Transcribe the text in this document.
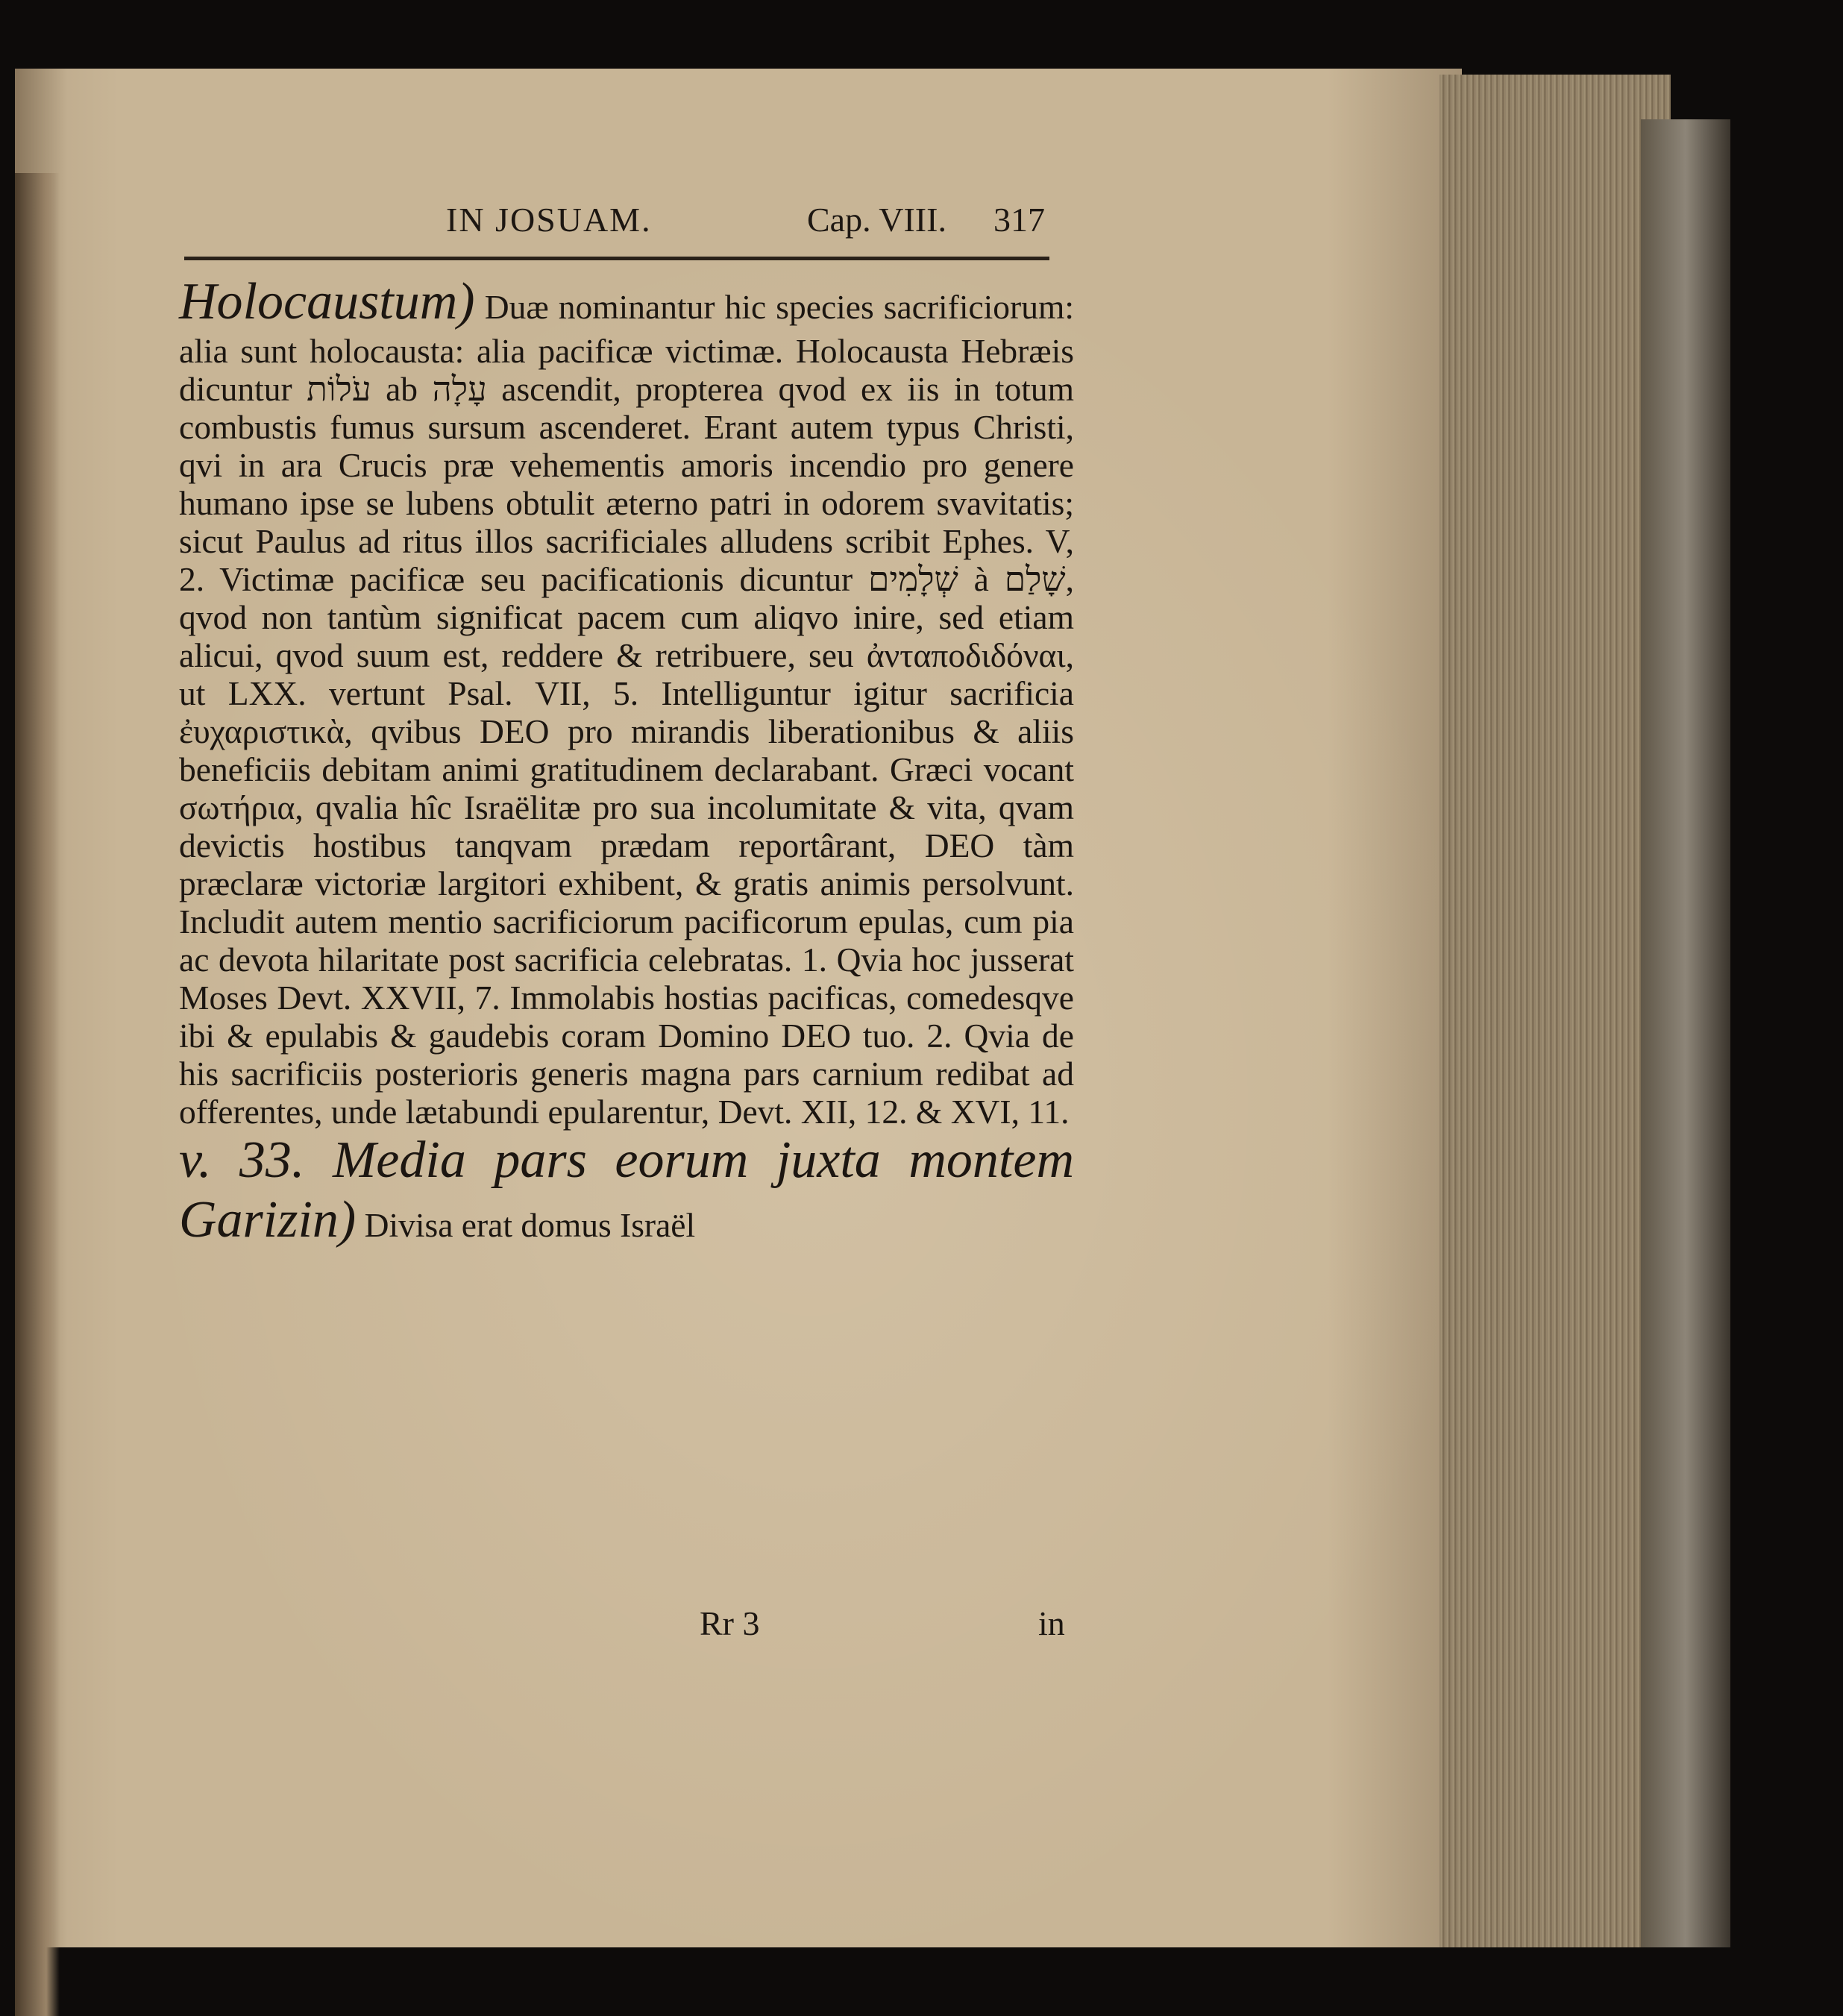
IN JOSUAM.	Cap. VIII. 317

Holocaustum) Duæ nominantur hic species sacrificiorum: alia sunt holocausta: alia pacificæ victimæ. Holocausta Hebræis dicuntur עֹלוֹת ab עָלָה ascendit, propterea qvod ex iis in totum combustis fumus sursum ascenderet. Erant autem typus Christi, qvi in ara Crucis præ vehementis amoris incendio pro genere humano ipse se lubens obtulit æterno patri in odorem svavitatis; sicut Paulus ad ritus illos sacrificiales alludens scribit Ephes. V, 2. Victimæ pacificæ seu pacificationis dicuntur שְׁלָמִים à שָׁלַם, qvod non tantùm significat pacem cum aliqvo inire, sed etiam alicui, qvod suum est, reddere & retribuere, seu ἀνταποδιδόναι, ut LXX. vertunt Psal. VII, 5. Intelliguntur igitur sacrificia ἐυχαριστικὰ, qvibus DEO pro mirandis liberationibus & aliis beneficiis debitam animi gratitudinem declarabant. Græci vocant σωτήρια, qvalia hîc Israëlitæ pro sua incolumitate & vita, qvam devictis hostibus tanqvam prædam reportârant, DEO tàm præclaræ victoriæ largitori exhibent, & gratis animis persolvunt. Includit autem mentio sacrificiorum pacificorum epulas, cum pia ac devota hilaritate post sacrificia celebratas. 1. Qvia hoc jusserat Moses Devt. XXVII, 7. Immolabis hostias pacificas, comedesqve ibi & epulabis & gaudebis coram Domino DEO tuo. 2. Qvia de his sacrificiis posterioris generis magna pars carnium redibat ad offerentes, unde lætabundi epularentur, Devt. XII, 12. & XVI, 11.

v. 33. Media pars eorum juxta montem Garizin) Divisa erat domus Israël

Rr 3	in
